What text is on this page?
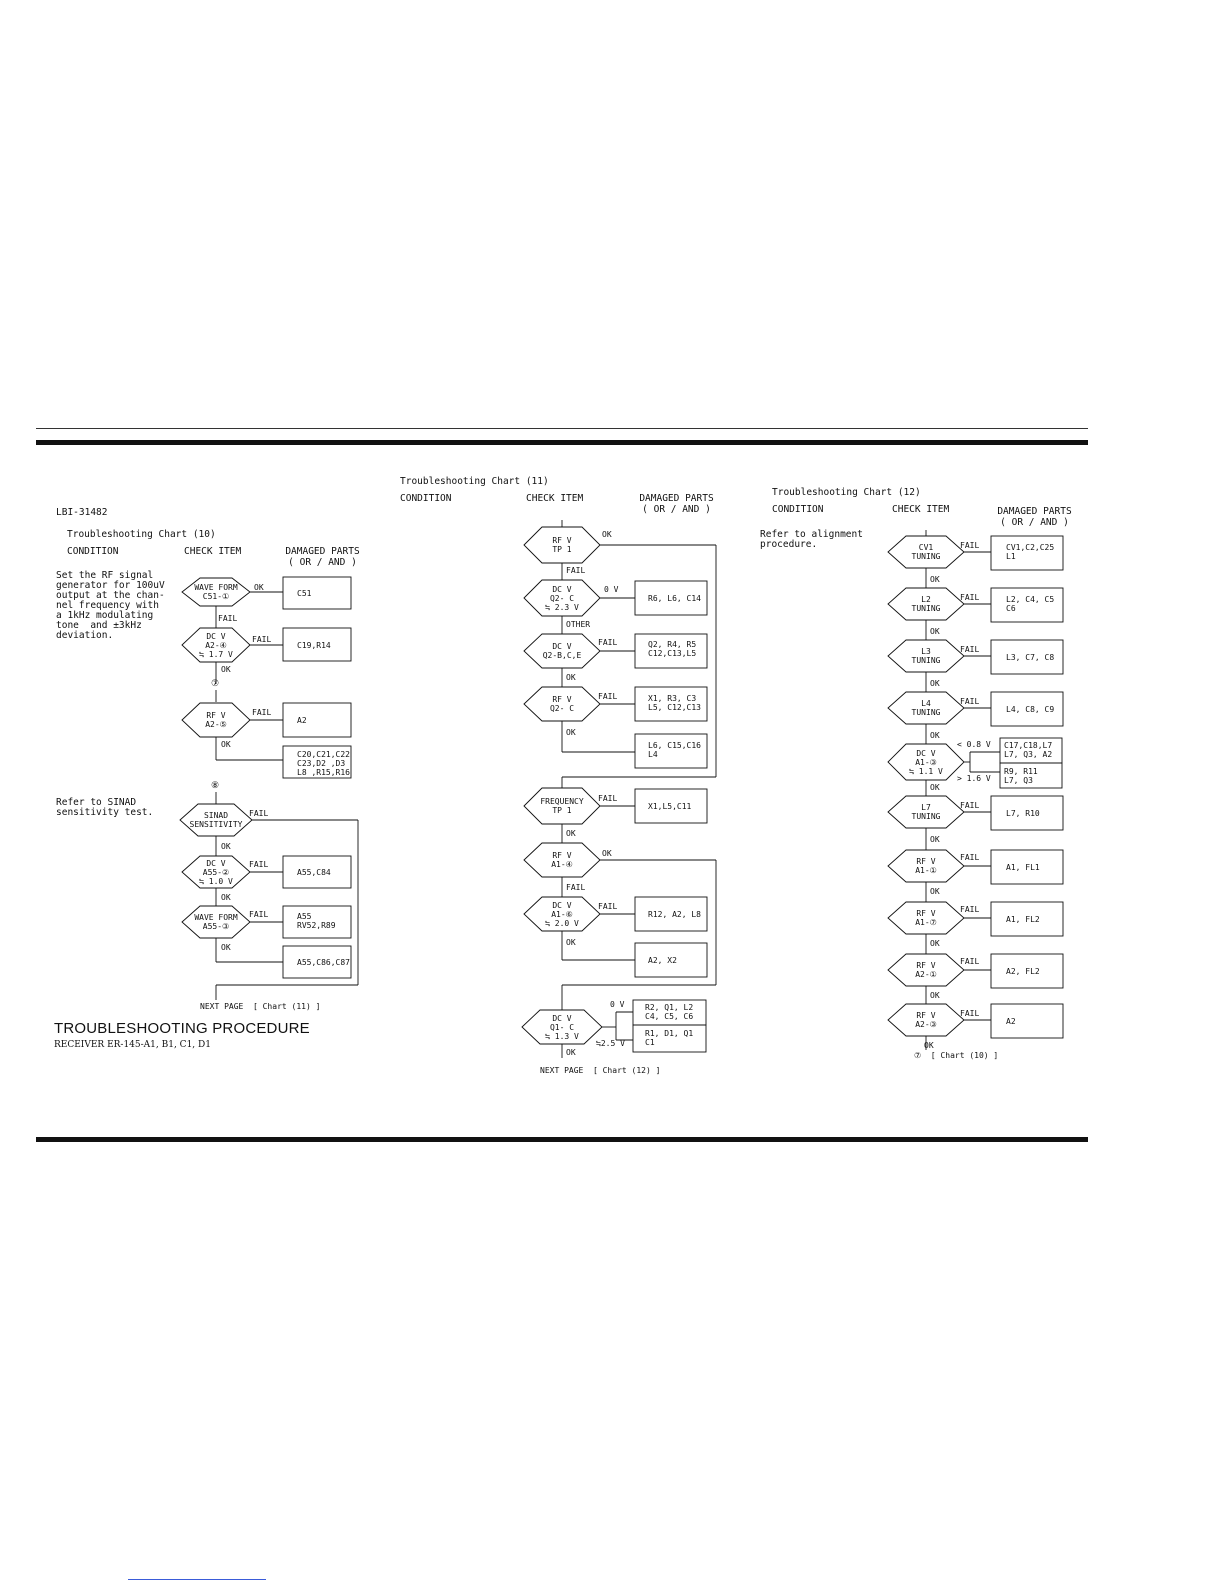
LBI-31482
Troubleshooting Chart (10)
CONDITION	CHECK ITEM	DAMAGED PARTS
( OR / AND )
Set the RF signal
generator for 100uV
output at the chan-
nel frequency with
a 1kHz modulating
tone  and ±3kHz
deviation.
Refer to SINAD
sensitivity test.
TROUBLESHOOTING PROCEDURE
RECEIVER ER-145-A1, B1, C1, D1
WAVE FORM
C51-①
OK
C51
FAIL
DC V
A2-④
≒ 1.7 V
FAIL
C19,R14
OK
⑦
RF V
A2-⑤
FAIL
A2
OK
C20,C21,C22
C23,D2 ,D3
L8 ,R15,R16
⑧
SINAD
SENSITIVITY
FAIL
OK
DC V
A55-②
≒ 1.0 V
FAIL
A55,C84
OK
WAVE FORM
A55-③
FAIL	A55
RV52,R89
OK
A55,C86,C87
NEXT PAGE  [ Chart (11) ]
Troubleshooting Chart (11)
CONDITION	CHECK ITEM	DAMAGED PARTS
( OR / AND )
RF V
TP 1
OK
FAIL
DC V
Q2- C
≒ 2.3 V
0 V
R6, L6, C14
OTHER
DC V
Q2-B,C,E
FAIL	Q2, R4, R5
C12,C13,L5
OK
RF V
Q2- C
FAIL	X1, R3, C3
L5, C12,C13
OK
L6, C15,C16
L4
FREQUENCY
TP 1
FAIL
X1,L5,C11
OK
RF V
A1-④
OK
FAIL
DC V
A1-⑥
≒ 2.0 V
FAIL
R12, A2, L8
OK
A2, X2
DC V
Q1- C
≒ 1.3 V
0 V	R2, Q1, L2
C4, C5, C6
R1, D1, Q1
C1
≒2.5 V
OK
NEXT PAGE  [ Chart (12) ]
Troubleshooting Chart (12)
CONDITION	CHECK ITEM	DAMAGED PARTS
( OR / AND )
Refer to alignment
procedure.	CV1
TUNING
FAIL	CV1,C2,C25
L1
OK
L2
TUNING
FAIL	L2, C4, C5
C6
OK
L3
TUNING
FAIL
L3, C7, C8
OK
L4
TUNING
FAIL
L4, C8, C9
OK
DC V
A1-③
≒ 1.1 V
< 0.8 V
> 1.6 V
C17,C18,L7
L7, Q3, A2
R9, R11
L7, Q3
OK
L7
TUNING
FAIL
L7, R10
OK
RF V
A1-①
FAIL
A1, FL1
OK
RF V
A1-⑦
FAIL
A1, FL2
OK
RF V
A2-①
FAIL
A2, FL2
OK
RF V
A2-③
FAIL
A2
OK
⑦  [ Chart (10) ]
